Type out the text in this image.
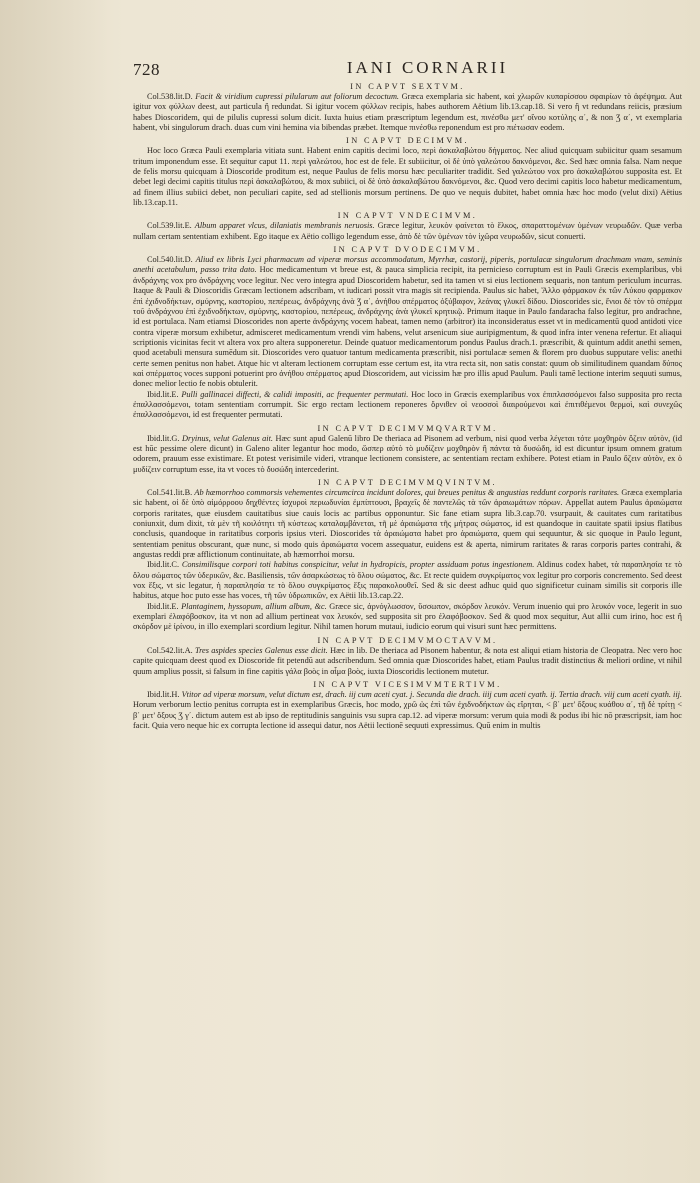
728	IANI CORNARII
IN CAPVT SEXTVM.

Col.538.lit.D. Facit & viridium cupressi pilularum aut foliorum decoctum. Græca exemplaria sic habent, καὶ χλωρῶν κυπαρίσσου σφαιρίων τὸ ἀφέψημα. Aut igitur vox φύλλων deest, aut particula ἢ redundat. Si igitur vocem φύλλων recipis, habes authorem Aëtium lib.13.cap.18. Si vero ἢ vt redundans reiicis, præsium habes Dioscoridem, qui de pilulis cupressi solum dicit. Iuxta huius etiam præscriptum legendum est, πινέσθω μετ' οἴνου κοτύλης α΄, & non Ʒ α΄, vt exemplaria habent, vbi singulorum drach. duas cum vini hemina via bibendas præbet. Itemque πινέσθω reponendum est pro πιέτωσαν eodem.

IN CAPVT DECIMVM.

Hoc loco Græca Pauli exemplaria vitiata sunt. Habent enim capitis decimi loco, περὶ ἀσκαλαβώτου δήγματος. Nec aliud quicquam subiicitur quam sesamum tritum imponendum esse. Et sequitur caput 11. περὶ γαλεώτου, hoc est de fele. Et subiicitur, οἱ δὲ ὑπὸ γαλεώτου δακνόμενοι, &c. Sed hæc omnia falsa. Nam neque de felis morsu quicquam à Dioscoride proditum est, neque Paulus de felis morsu hæc peculiariter tradidit. Sed γαλεώτου vox pro ἀσκαλαβώτου supposita est. Et debet legi decimi capitis titulus περὶ ἀσκαλαβώτου, & mox subiici, οἱ δὲ ὑπὸ ἀσκαλαβώτου δακνόμενοι, &c. Quod vero decimi capitis loco habetur medicamentum, ad finem illius subiici debet, non peculiari capite, sed ad stellionis morsum pertinens. De quo ve nequis dubitet, habet omnia hæc hoc modo (velut dixi) Aëtius lib.13.cap.11.

IN CAPVT VNDECIMVM.

Col.539.lit.E. Album apparet vlcus, dilaniatis membranis neruosis. Græce legitur, λευκὸν φαίνεται τὸ ἕλκος, σπαραττομένων ὑμένων νευρωδῶν. Quæ verba nullam certam sententiam exhibent. Ego itaque ex Aëtio colligo legendum esse, ἀπὸ δὲ τῶν ὑμένων τὸν ἰχῶρα νευρωδῶν, sicut conuerti.

IN CAPVT DVODECIMVM.

Col.540.lit.D. Aliud ex libris Lyci pharmacum ad viperæ morsus accommodatum, Myrrhæ, castorij, piperis, portulacæ singulorum drachmam vnam, seminis anethi acetabulum, passo trita dato. Hoc medicamentum vt breue est, & pauca simplicia recipit, ita pernicieso corruptum est in Pauli Græcis exemplaribus, vbi ἀνδράχνης vox pro ἀνδράχνης voce legitur. Nec vero integra apud Dioscoridem habetur, sed ita tamen vt si eius lectionem sequaris, non tantum periculum incurras. Itaque & Pauli & Dioscoridis Græcam lectionem adscribam, vt iudicari possit vtra magis sit recipienda. Paulus sic habet, Ἄλλο φάρμακον ἐκ τῶν Λύκου φαρμακον ἐπὶ ἐχιδνοδήκτων, σμύρνης, καστορίου, πεπέρεως, ἀνδράχνης ἀνὰ Ʒ α΄, ἀνήθου σπέρματος ὀξύβαφον, λεάνας γλυκεῖ δίδου. Dioscorides sic, ἔνιοι δὲ τὸν τὸ σπέρμα τοῦ ἀνδράχνου ἐπὶ ἐχιδνοδήκτων, σμύρνης, καστορίου, πεπέρεως, ἀνδράχνης ἀνὰ γλυκεῖ κρητικῷ. Primum itaque in Paulo fandaracha falso legitur, pro andrachne, id est portulaca. Nam etiamsi Dioscorides non aperte ἀνδράχνης vocem habeat, tamen nemo (arbitror) ita inconsideratus esset vt in medicamentū quod antidoti vice contra viperæ morsum exhibetur, admisceret medicamentum vrendi vim habens, velut arsenicum siue auripigmentum, & quod infra inter venena refertur. Et aliaqui scriptionis vicinitas fecit vt altera vox pro altera supponeretur. Deinde quatuor medicamentorum pondus Paulus drach.1. præscribit, & quintum addit anethi semen, quod acetabuli mensura sumēdum sit. Dioscorides vero quatuor tantum medicamenta præscribit, nisi portulacæ semen & florem pro duobus supputare velis: anethi certe semen penitus non habet. Atque hic vt alteram lectionem corruptam esse certum est, ita vtra recta sit, non satis constat: quum ob similitudinem quandam δύπος καὶ σπέρματος voces supponi potuerint pro ἀνήθου σπέρματος apud Dioscoridem, aut vicissim hæ pro illis apud Paulum. Pauli tamē lectione interim sequuti sumus, donec melior lectio fe nobis obtulerit.

Ibid.lit.E. Pulli gallinacei diffecti, & calidi impositi, ac frequenter permutati. Hoc loco in Græcis exemplaribus vox ἐπιπλασσόμενοι falso supposita pro recta ἐπαλλασσόμενοι, totam sententiam corrumpit. Sic ergo rectam lectionem reponeres ὄρνιθεν οἱ νεοσσοὶ διαιρούμενοι καὶ ἐπιτιθέμενοι θερμοὶ, καὶ συνεχῶς ἐπαλλασσόμενοι, id est frequenter permutati.

IN CAPVT DECIMVMQVARTVM.

Ibid.lit.G. Dryinus, velut Galenus ait. Hæc sunt apud Galenū libro De theriaca ad Pisonem ad verbum, nisi quod verba λέγεται τότε μοχθηρὸν ὄζειν αὐτὸν, (id est hūc pessime olere dicunt) in Galeno aliter legantur hoc modo, ὥσπερ αὐτὸ τὸ μυδίζειν μοχθηρὸν ἢ πάντα τὰ δυσώδη, id est dicuntur ipsum omnem gratum odorem, prauum esse existimare. Et potest verisimile videri, vtranque lectionem consistere, ac sententiam rectam exhibere. Potest etiam in Paulo ὄζειν αὐτὸν, ex ὁ μυδίζειν corruptum esse, ita vt voces τὸ δυσώδη intercederint.

IN CAPVT DECIMVMQVINTVM.

Col.541.lit.B. Ab hæmorrhoo commorsis vehementes circumcirca incidunt dolores, qui breues penitus & angustias reddunt corporis raritates. Græca exemplaria sic habent, οἱ δὲ ὑπὸ αἱμόρροου δηχθέντες ἰσχυροὶ περιωδυνίαι ἐμπίπτουσι, βραχεῖς δὲ παντελῶς τὰ τῶν ἀραιωμάτων πόρων. Appellat autem Paulus ἀραιώματα corporis raritates, quæ eiusdem cauitatibus siue cauis locis ac partibus opponuntur. Sic fane etiam supra lib.3.cap.70. vsurpauit, & cauitates cum raritatibus coniunxit, dum dixit, τὰ μὲν τῆ κοιλότητι τῆ κύστεως καταλαμβάνεται, τῆ μὲ ἀραιώματα τῆς μήτρας σώματος, id est quandoque in cauitate spatii ipsius flatibus conclusis, quandoque in raritatibus corporis ipsius vteri. Dioscorides τὰ ἀραιώματα habet pro ἀραιώματα, quem qui sequuntur, & sic quoque in Paulo legunt, sententiam penitus obscurant, quæ nunc, si modo quis ἀραιώματα vocem assequatur, euidens est & aperta, nimirum raritates & raras corporis partes contrahi, & angustas reddi præ afflictionum continuitate, ab hæmorrhoi morsu.

Ibid.lit.C. Consimilisque corpori toti habitus conspicitur, velut in hydropicis, propter assiduam potus ingestionem. Aldinus codex habet, τὰ παραπλησία τε τὸ ὅλου σώματος τῶν ὑδερικῶν, &c. Basiliensis, τῶν ἀσαρκώσεως τὸ ὅλου σώματος, &c. Et recte quidem συγκρίματος vox legitur pro corporis concremento. Sed deest vox ἕξις, vt sic legatur, ἡ παραπλησία τε τὸ ὅλου συγκρίματος ἕξις παρακολουθεῖ. Sed & sic deest adhuc quid quo significetur cuinam similis sit corporis ille habitus, atque hoc puto esse has voces, τῆ τῶν ὑδρωπικῶν, ex Aëtii lib.13.cap.22.

Ibid.lit.E. Plantaginem, hyssopum, allium album, &c. Græce sic, ἀρνόγλωσσον, ὕσσωπον, σκόρδον λευκόν. Verum inuenio qui pro λευκόν voce, legerit in suo exemplari ἐλαφόβοσκον, ita vt non ad allium pertineat vox λευκόν, sed supposita sit pro ἐλαφόβοσκον. Sed & quod mox sequitur, Aut allii cum irino, hoc est ἢ σκόρδον μὲ ἰρίνου, in illo exemplari scordium legitur. Nihil tamen horum mutaui, iudicio eorum qui visuri sunt hæc permittens.

IN CAPVT DECIMVMOCTAVVM.

Col.542.lit.A. Tres aspides species Galenus esse dicit. Hæc in lib. De theriaca ad Pisonem habentur, & nota est aliqui etiam historia de Cleopatra. Nec vero hoc capite quicquam deest quod ex Dioscoride fit petendū aut adscribendum. Sed omnia quæ Dioscorides habet, etiam Paulus tradit distinctius & meliori ordine, vt nihil quum amplius possit, si falsum in fine capitis γάλα βοὸς in αἷμα βοὸς, iuxta Dioscoridis lectionem mutetur.

IN CAPVT VICESIMVMTERTIVM.

Ibid.lit.H. Vtitor ad viperæ morsum, velut dictum est, drach. iij cum aceti cyat. j. Secunda die drach. iiij cum aceti cyath. ij. Tertia drach. viij cum aceti cyath. iij. Horum verborum lectio penitus corrupta est in exemplaribus Græcis, hoc modo, χρῶ ὡς ἐπὶ τῶν ἐχιδνοδήκτων ὡς εἴρηται, < β΄ μετ' ὄξους κυάθου α΄, τῇ δὲ τρίτῃ < β΄ μετ' ὄξους Ʒ γ΄. dictum autem est ab ipso de reptitudinis sanguinis vsu supra cap.12. ad viperæ morsum: verum quia modi & podus ibi hic nō præscripsit, iam hoc facit. Quia vero neque hic ex corrupta lectione id assequi datur, nos Aëtii lectionē sequuti expressimus. Quū enim in multis
